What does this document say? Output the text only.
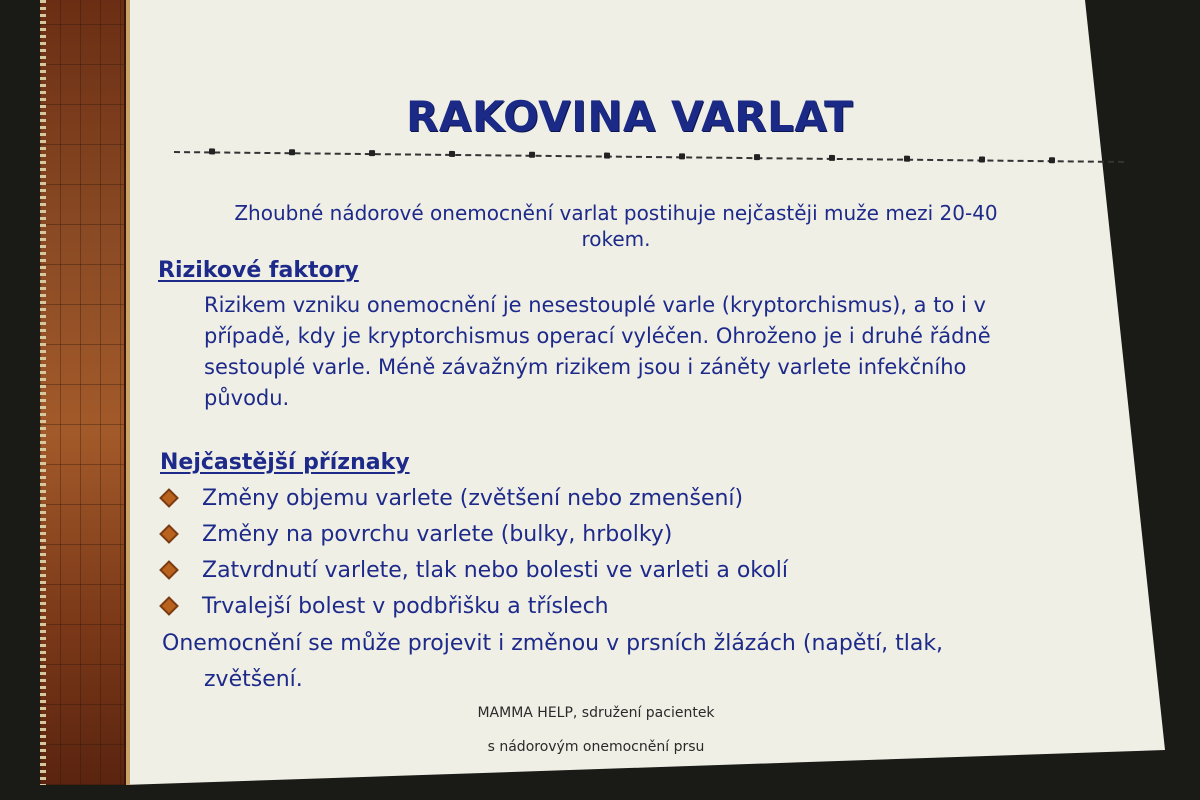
RAKOVINA VARLAT
Zhoubné nádorové onemocnění varlat postihuje nejčastěji muže mezi 20-40
rokem.
Rizikové faktory
Rizikem vzniku onemocnění je nesestouplé varle (kryptorchismus), a to i v
případě, kdy je kryptorchismus operací vyléčen. Ohroženo je i druhé řádně
sestouplé varle. Méně závažným rizikem jsou i záněty varlete infekčního
původu.
Nejčastější příznaky
Změny objemu varlete (zvětšení nebo zmenšení)
Změny na povrchu varlete (bulky, hrbolky)
Zatvrdnutí varlete, tlak nebo bolesti ve varleti a okolí
Trvalejší bolest v podbřišku a tříslech
Onemocnění se může projevit i změnou v prsních žlázách (napětí, tlak,
zvětšení.
MAMMA HELP, sdružení pacientek
s nádorovým onemocnění prsu
